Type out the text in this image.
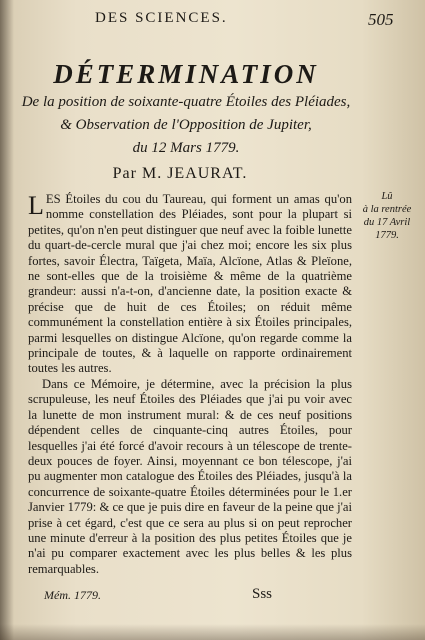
DES SCIENCES.	505
DÉTERMINATION
De la position de soixante-quatre Étoiles des Pléiades,
& Observation de l'Opposition de Jupiter,
du 12 Mars 1779.
Par M. JEAURAT.
Lû
à la rentrée
du 17 Avril
1779.

LES Étoiles du cou du Taureau, qui forment un amas qu'on nomme constellation des Pléiades, sont pour la plupart si petites, qu'on n'en peut distinguer que neuf avec la foible lunette du quart-de-cercle mural que j'ai chez moi; encore les six plus fortes, savoir Électra, Taïgeta, Maïa, Alcïone, Atlas & Pleïone, ne sont-elles que de la troisième & même de la quatrième grandeur: aussi n'a-t-on, d'ancienne date, la position exacte & précise que de huit de ces Étoiles; on réduit même communément la constellation entière à six Étoiles principales, parmi lesquelles on distingue Alcïone, qu'on regarde comme la principale de toutes, & à laquelle on rapporte ordinairement toutes les autres.

Dans ce Mémoire, je détermine, avec la précision la plus scrupuleuse, les neuf Étoiles des Pléiades que j'ai pu voir avec la lunette de mon instrument mural: & de ces neuf positions dépendent celles de cinquante-cinq autres Étoiles, pour lesquelles j'ai été forcé d'avoir recours à un télescope de trente-deux pouces de foyer. Ainsi, moyennant ce bon télescope, j'ai pu augmenter mon catalogue des Étoiles des Pléiades, jusqu'à la concurrence de soixante-quatre Étoiles déterminées pour le 1.er Janvier 1779: & ce que je puis dire en faveur de la peine que j'ai prise à cet égard, c'est que ce sera au plus si on peut reprocher une minute d'erreur à la position des plus petites Étoiles que je n'ai pu comparer exactement avec les plus belles & les plus remarquables.

Mém. 1779.	Sss
